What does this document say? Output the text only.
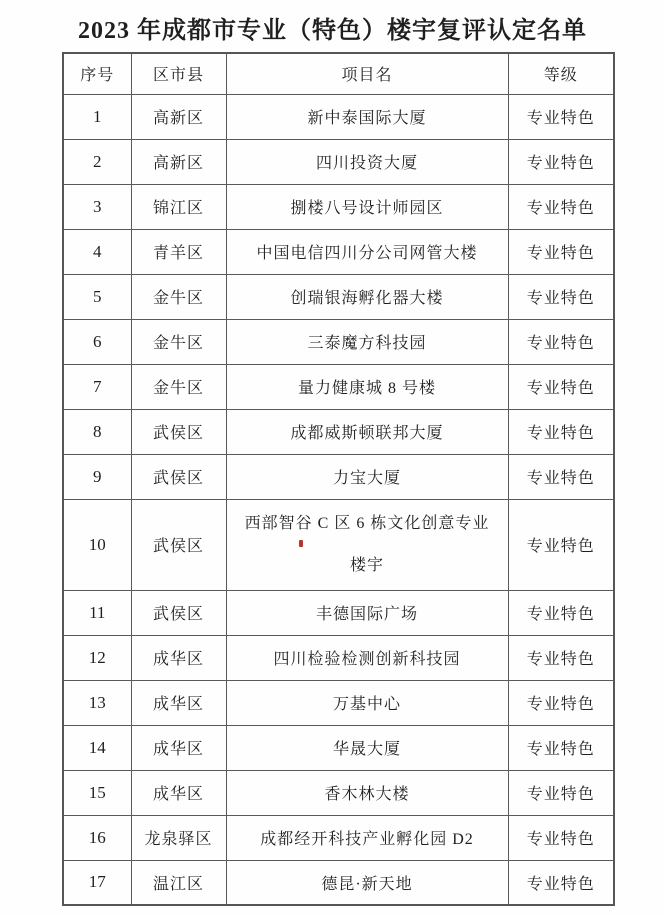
2023 年成都市专业（特色）楼宇复评认定名单
序号	区市县	项目名	等级
1	高新区	新中泰国际大厦	专业特色
2	高新区	四川投资大厦	专业特色
3	锦江区	捌楼八号设计师园区	专业特色
4	青羊区	中国电信四川分公司网管大楼	专业特色
5	金牛区	创瑞银海孵化器大楼	专业特色
6	金牛区	三泰魔方科技园	专业特色
7	金牛区	量力健康城 8 号楼	专业特色
8	武侯区	成都威斯顿联邦大厦	专业特色
9	武侯区	力宝大厦	专业特色
10	武侯区	西部智谷 C 区 6 栋文化创意专业楼宇	专业特色
11	武侯区	丰德国际广场	专业特色
12	成华区	四川检验检测创新科技园	专业特色
13	成华区	万基中心	专业特色
14	成华区	华晟大厦	专业特色
15	成华区	香木林大楼	专业特色
16	龙泉驿区	成都经开科技产业孵化园 D2	专业特色
17	温江区	德昆·新天地	专业特色
